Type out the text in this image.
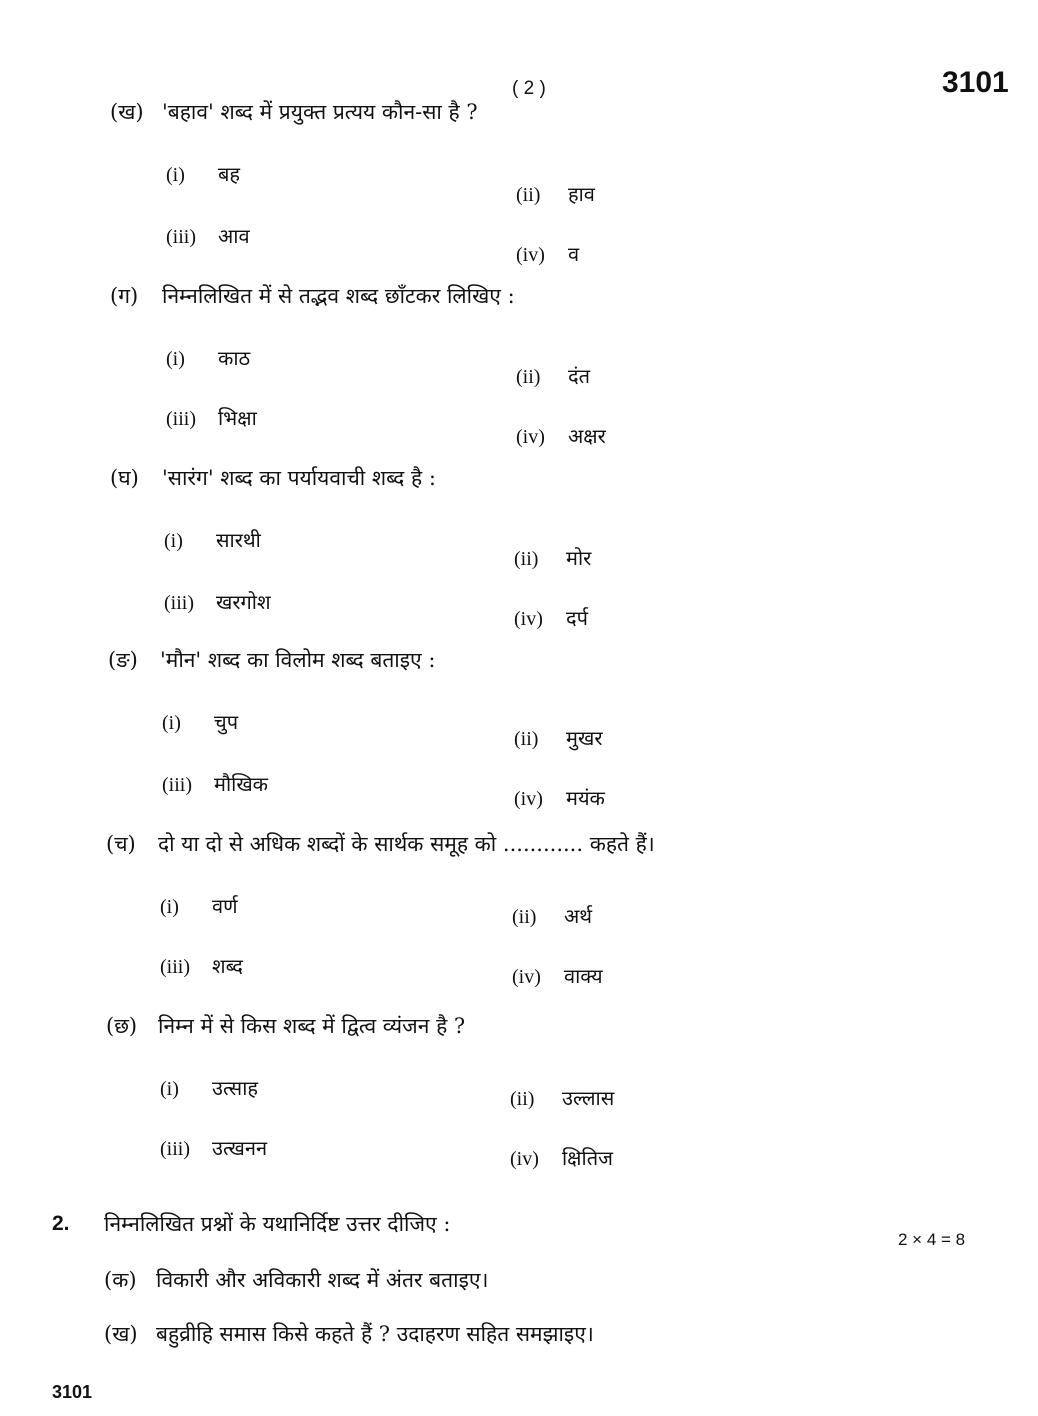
( 2 )	3101
(ख) 'बहाव' शब्द में प्रयुक्त प्रत्यय कौन-सा है ?
(i) बह
(ii) हाव
(iii) आव
(iv) व
(ग) निम्नलिखित में से तद्भव शब्द छाँटकर लिखिए :
(i) काठ
(ii) दंत
(iii) भिक्षा
(iv) अक्षर
(घ) 'सारंग' शब्द का पर्यायवाची शब्द है :
(i) सारथी
(ii) मोर
(iii) खरगोश
(iv) दर्प
(ङ) 'मौन' शब्द का विलोम शब्द बताइए :
(i) चुप
(ii) मुखर
(iii) मौखिक
(iv) मयंक
(च) दो या दो से अधिक शब्दों के सार्थक समूह को ............ कहते हैं।
(i) वर्ण	(ii) अर्थ
(iii) शब्द	(iv) वाक्य
(छ) निम्न में से किस शब्द में द्वित्व व्यंजन है ?
(i) उत्साह	(ii) उल्लास
(iii) उत्खनन	(iv) क्षितिज
2. निम्नलिखित प्रश्नों के यथानिर्दिष्ट उत्तर दीजिए :
2 × 4 = 8
(क) विकारी और अविकारी शब्द में अंतर बताइए।
(ख) बहुव्रीहि समास किसे कहते हैं ? उदाहरण सहित समझाइए।
3101
